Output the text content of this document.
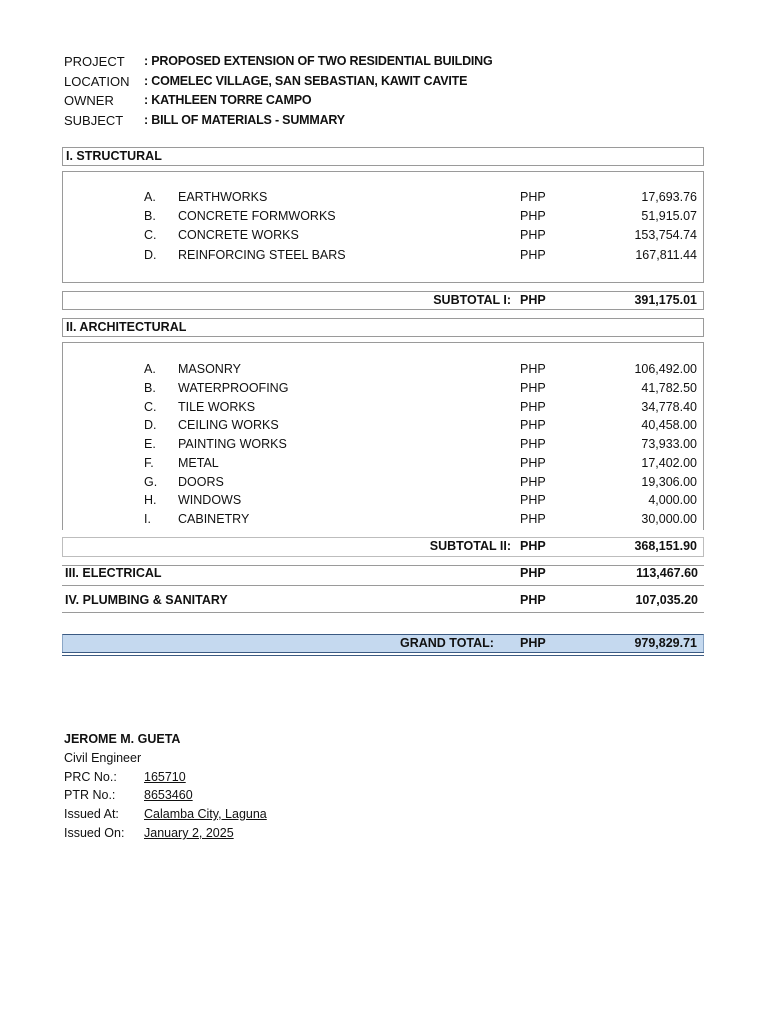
PROJECT : PROPOSED EXTENSION OF TWO RESIDENTIAL BUILDING
LOCATION : COMELEC VILLAGE, SAN SEBASTIAN, KAWIT CAVITE
OWNER : KATHLEEN TORRE CAMPO
SUBJECT : BILL OF MATERIALS - SUMMARY
I. STRUCTURAL
A. EARTHWORKS	PHP	17,693.76
B. CONCRETE FORMWORKS	PHP	51,915.07
C. CONCRETE WORKS	PHP	153,754.74
D. REINFORCING STEEL BARS	PHP	167,811.44
SUBTOTAL I: PHP	391,175.01
II. ARCHITECTURAL
A. MASONRY	PHP	106,492.00
B. WATERPROOFING	PHP	41,782.50
C. TILE WORKS	PHP	34,778.40
D. CEILING WORKS	PHP	40,458.00
E. PAINTING WORKS	PHP	73,933.00
F. METAL	PHP	17,402.00
G. DOORS	PHP	19,306.00
H. WINDOWS	PHP	4,000.00
I. CABINETRY	PHP	30,000.00
SUBTOTAL II: PHP	368,151.90
III. ELECTRICAL	PHP	113,467.60
IV. PLUMBING & SANITARY	PHP	107,035.20
GRAND TOTAL: PHP	979,829.71
JEROME M. GUETA
Civil Engineer
PRC No.: 165710
PTR No.: 8653460
Issued At: Calamba City, Laguna
Issued On: January 2, 2025
